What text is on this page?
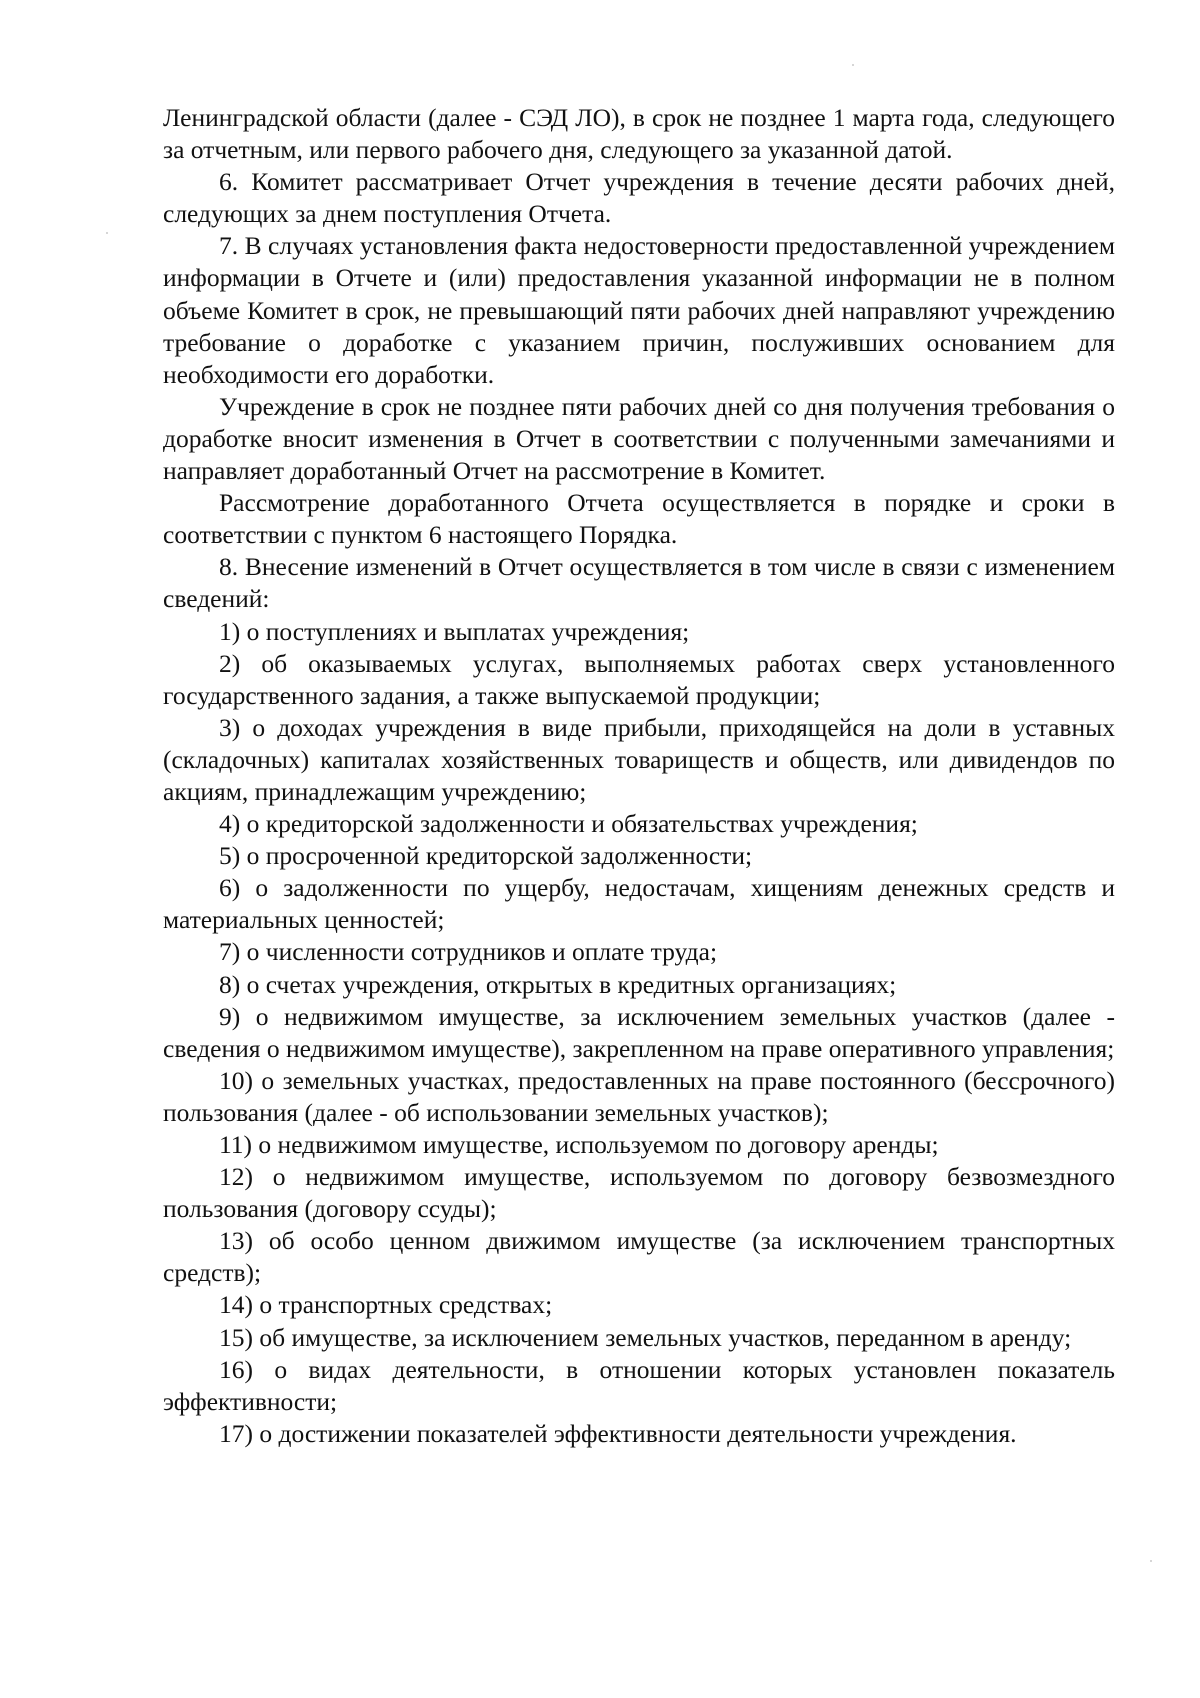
Ленинградской области (далее - СЭД ЛО), в срок не позднее 1 марта года, следующего за отчетным, или первого рабочего дня, следующего за указанной датой.

6. Комитет рассматривает Отчет учреждения в течение десяти рабочих дней, следующих за днем поступления Отчета.

7. В случаях установления факта недостоверности предоставленной учреждением информации в Отчете и (или) предоставления указанной информации не в полном объеме Комитет в срок, не превышающий пяти рабочих дней направляют учреждению требование о доработке с указанием причин, послуживших основанием для необходимости его доработки.

Учреждение в срок не позднее пяти рабочих дней со дня получения требования о доработке вносит изменения в Отчет в соответствии с полученными замечаниями и направляет доработанный Отчет на рассмотрение в Комитет.

Рассмотрение доработанного Отчета осуществляется в порядке и сроки в соответствии с пунктом 6 настоящего Порядка.

8. Внесение изменений в Отчет осуществляется в том числе в связи с изменением сведений:

1) о поступлениях и выплатах учреждения;

2) об оказываемых услугах, выполняемых работах сверх установленного государственного задания, а также выпускаемой продукции;

3) о доходах учреждения в виде прибыли, приходящейся на доли в уставных (складочных) капиталах хозяйственных товариществ и обществ, или дивидендов по акциям, принадлежащим учреждению;

4) о кредиторской задолженности и обязательствах учреждения;

5) о просроченной кредиторской задолженности;

6) о задолженности по ущербу, недостачам, хищениям денежных средств и материальных ценностей;

7) о численности сотрудников и оплате труда;

8) о счетах учреждения, открытых в кредитных организациях;

9) о недвижимом имуществе, за исключением земельных участков (далее - сведения о недвижимом имуществе), закрепленном на праве оперативного управления;

10) о земельных участках, предоставленных на праве постоянного (бессрочного) пользования (далее - об использовании земельных участков);

11) о недвижимом имуществе, используемом по договору аренды;

12) о недвижимом имуществе, используемом по договору безвозмездного пользования (договору ссуды);

13) об особо ценном движимом имуществе (за исключением транспортных средств);

14) о транспортных средствах;

15) об имуществе, за исключением земельных участков, переданном в аренду;

16) о видах деятельности, в отношении которых установлен показатель эффективности;

17) о достижении показателей эффективности деятельности учреждения.
